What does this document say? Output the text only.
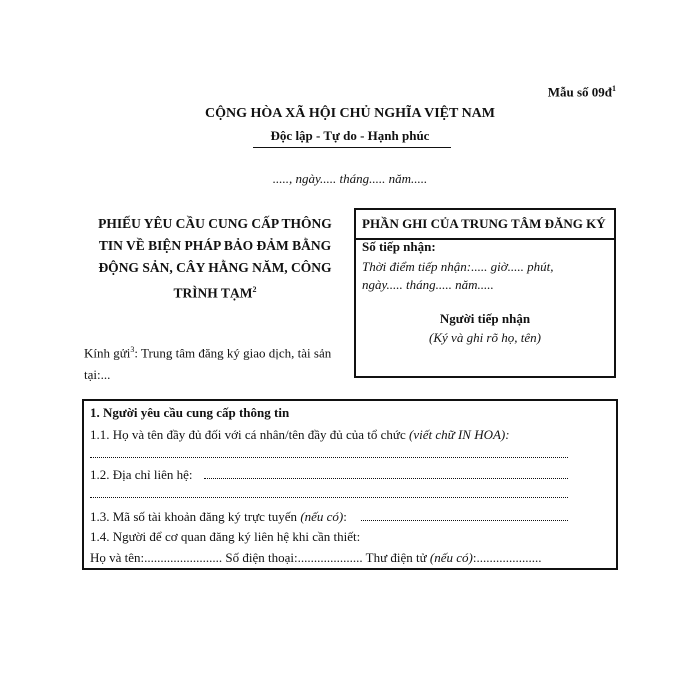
Mẫu số $09đ^1$
CỘNG HÒA XÃ HỘI CHỦ NGHĨA VIỆT NAM
Độc lập - Tự do - Hạnh phúc
....., ngày..... tháng..... năm.....
PHIẾU YÊU CẦU CUNG CẤP THÔNG
TIN VỀ BIỆN PHÁP BẢO ĐẢM BẰNG
ĐỘNG SẢN, CÂY HẰNG NĂM, CÔNG
TRÌNH TẠM$^2$
PHẦN GHI CỦA TRUNG TÂM ĐĂNG KÝ
Số tiếp nhận:
Thời điểm tiếp nhận:..... giờ..... phút,
ngày..... tháng..... năm.....
Người tiếp nhận
(Ký và ghi rõ họ, tên)
Kính gửi$^3$: Trung tâm đăng ký giao dịch, tài sản tại:...
1. Người yêu cầu cung cấp thông tin
1.1. Họ và tên đầy đủ đối với cá nhân/tên đầy đủ của tổ chức (viết chữ IN HOA):
1.2. Địa chỉ liên hệ:
1.3. Mã số tài khoản đăng ký trực tuyến (nếu có):
1.4. Người để cơ quan đăng ký liên hệ khi cần thiết:
Họ và tên:........................ Số điện thoại:.................... Thư điện tử (nếu có):....................
